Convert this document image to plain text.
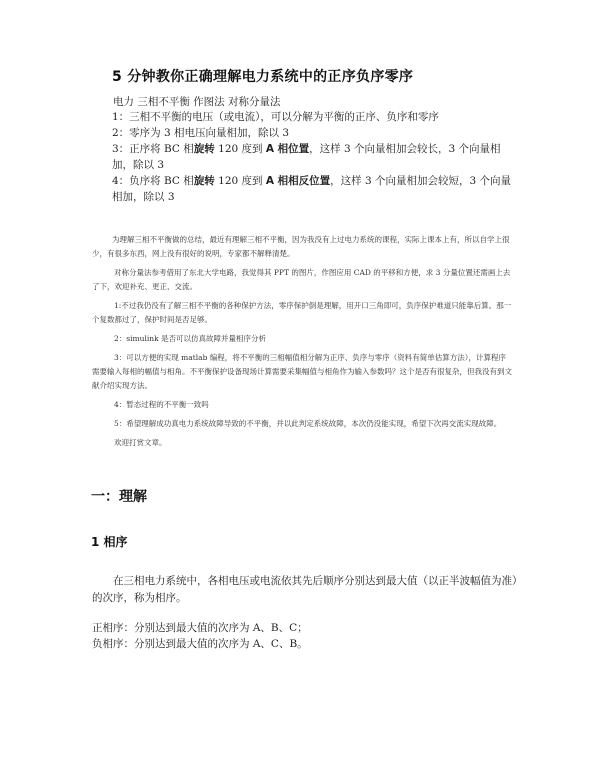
5 分钟教你正确理解电力系统中的正序负序零序
电力 三相不平衡 作图法 对称分量法
1：三相不平衡的电压（或电流），可以分解为平衡的正序、负序和零序
2：零序为 3 相电压向量相加，除以 3
3：正序将 BC 相旋转 120 度到 A 相位置，这样 3 个向量相加会较长，3 个向量相加，除以 3
4：负序将 BC 相旋转 120 度到 A 相相反位置，这样 3 个向量相加会较短，3 个向量相加，除以 3

为理解三相不平衡做的总结，最近有理解三相不平衡，因为我没有上过电力系统的课程，实际上课本上有，所以自学上很少，有很多东西，网上没有很好的说明，专家都不解释清楚。

对称分量法参考借用了东北大学电路，我觉得其 PPT 的图片，作图应用 CAD 的平移和方便，求 3 分量位置还需画上去了下，欢迎补充、更正、交流。

1:不过我仍没有了解三相不平衡的各种保护方法，零序保护倒是理解，用开口三角即可，负序保护难道只能靠后算。那一个复数都过了，保护时间是否足够。

2：simulink 是否可以仿真故障并量相序分析

3：可以方便的实现 matlab 编程，将不平衡的三相幅值相分解为正序、负序与零序（资料有简单估算方法），计算程序需要输入每相的幅值与相角。不平衡保护设备现场计算需要采集幅值与相角作为输入参数吗？这个是否有很复杂，但我没有到文献介绍实现方法。

4：暂态过程的不平衡一致吗

5：希望理解成功真电力系统故障导致的不平衡，并以此判定系统故障，本次仍没能实现，希望下次再交流实现故障。

欢迎打赏文章。

一：理解
1 相序

在三相电力系统中，各相电压或电流依其先后顺序分别达到最大值（以正半波幅值为准）的次序，称为相序。

正相序：分别达到最大值的次序为 A、B、C；
负相序：分别达到最大值的次序为 A、C、B。
